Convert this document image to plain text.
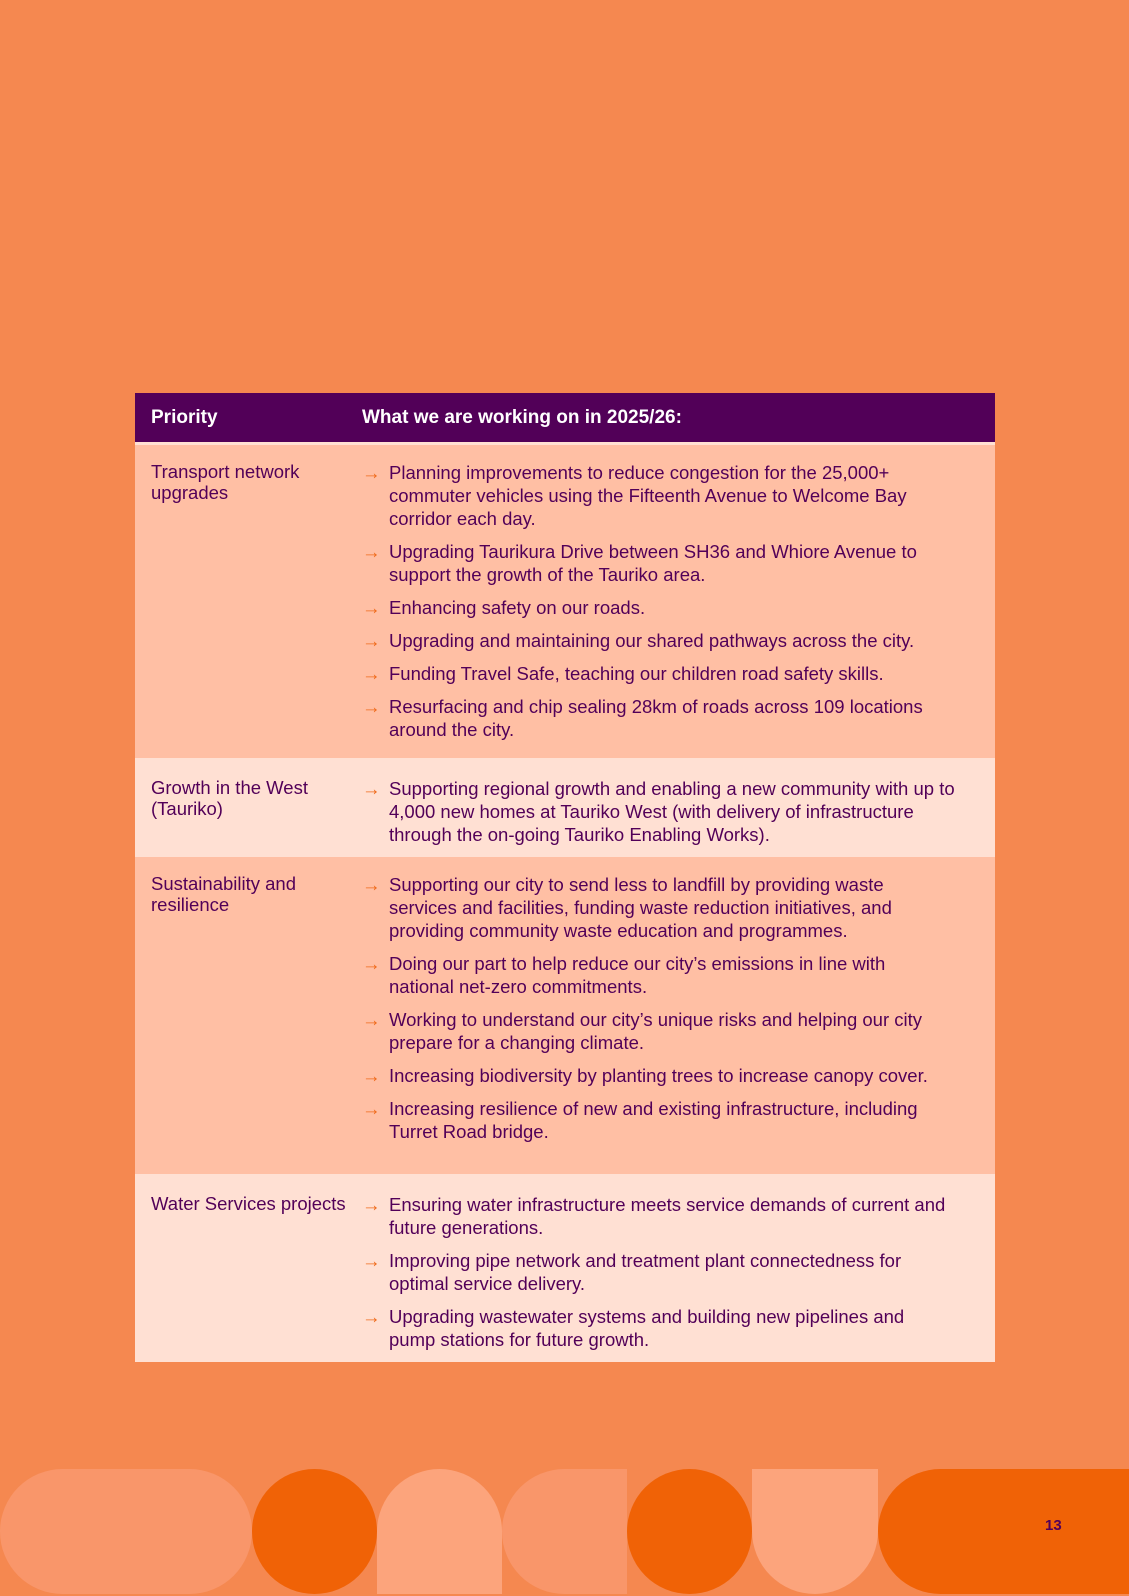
Priority	What we are working on in 2025/26:
Transport network upgrades
→ Planning improvements to reduce congestion for the 25,000+ commuter vehicles using the Fifteenth Avenue to Welcome Bay corridor each day.
→ Upgrading Taurikura Drive between SH36 and Whiore Avenue to support the growth of the Tauriko area.
→ Enhancing safety on our roads.
→ Upgrading and maintaining our shared pathways across the city.
→ Funding Travel Safe, teaching our children road safety skills.
→ Resurfacing and chip sealing 28km of roads across 109 locations around the city.
Growth in the West (Tauriko)
→ Supporting regional growth and enabling a new community with up to 4,000 new homes at Tauriko West (with delivery of infrastructure through the on-going Tauriko Enabling Works).
Sustainability and resilience
→ Supporting our city to send less to landfill by providing waste services and facilities, funding waste reduction initiatives, and providing community waste education and programmes.
→ Doing our part to help reduce our city’s emissions in line with national net-zero commitments.
→ Working to understand our city’s unique risks and helping our city prepare for a changing climate.
→ Increasing biodiversity by planting trees to increase canopy cover.
→ Increasing resilience of new and existing infrastructure, including Turret Road bridge.
Water Services projects → Ensuring water infrastructure meets service demands of current and future generations.
→ Improving pipe network and treatment plant connectedness for optimal service delivery.
→ Upgrading wastewater systems and building new pipelines and pump stations for future growth.
13
